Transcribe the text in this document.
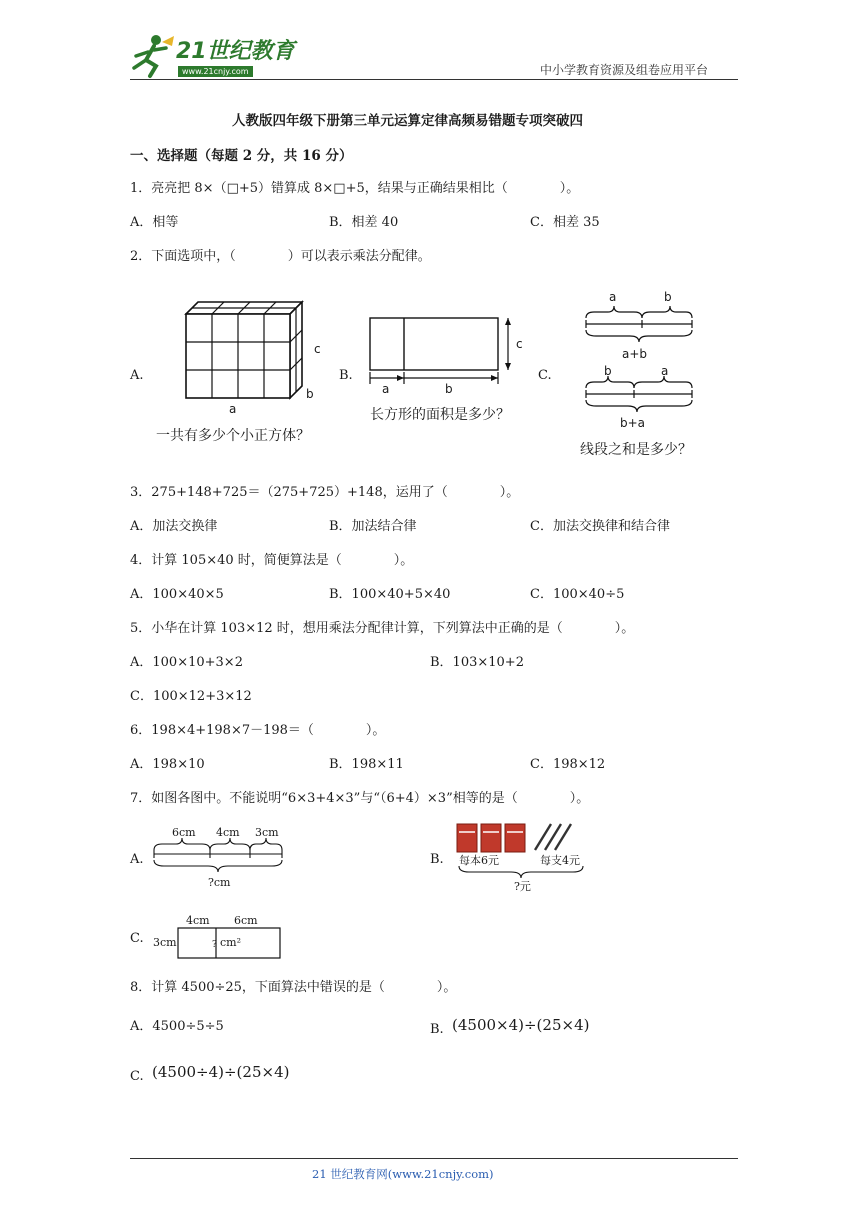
21世纪教育
www.21cnjy.com	中小学教育资源及组卷应用平台
人教版四年级下册第三单元运算定律高频易错题专项突破四
一、选择题（每题 2 分，共 16 分）
1．亮亮把 8×（□+5）错算成 8×□+5，结果与正确结果相比（　　　　）。
A．相等	B．相差 40	C．相差 35
2．下面选项中，（　　　　）可以表示乘法分配律。
A.
c
b
a
一共有多少个小正方体？
B.
c
a	b
长方形的面积是多少？
C.
a	b
a+b
b	a
b+a
线段之和是多少？
3．275+148+725＝（275+725）+148，运用了（　　　　）。
A．加法交换律	B．加法结合律	C．加法交换律和结合律
4．计算 105×40 时，简便算法是（　　　　）。
A．100×40×5	B．100×40+5×40	C．100×40÷5
5．小华在计算 103×12 时，想用乘法分配律计算，下列算法中正确的是（　　　　）。
A．100×10+3×2	B．103×10+2
C．100×12+3×12
6．198×4+198×7－198＝（　　　　）。
A．198×10	B．198×11	C．198×12
7．如图各图中。不能说明“6×3+4×3”与“（6+4）×3”相等的是（　　　　）。
A.
6cm 4cm 3cm
?cm
B. 每本6元	每支4元
?元
C.
4cm 6cm
3cm	? cm²
8．计算 4500÷25，下面算法中错误的是（　　　　）。
A．4500÷5÷5	B. (4500×4)÷(25×4)
C. (4500÷4)÷(25×4)
21 世纪教育网(www.21cnjy.com)
